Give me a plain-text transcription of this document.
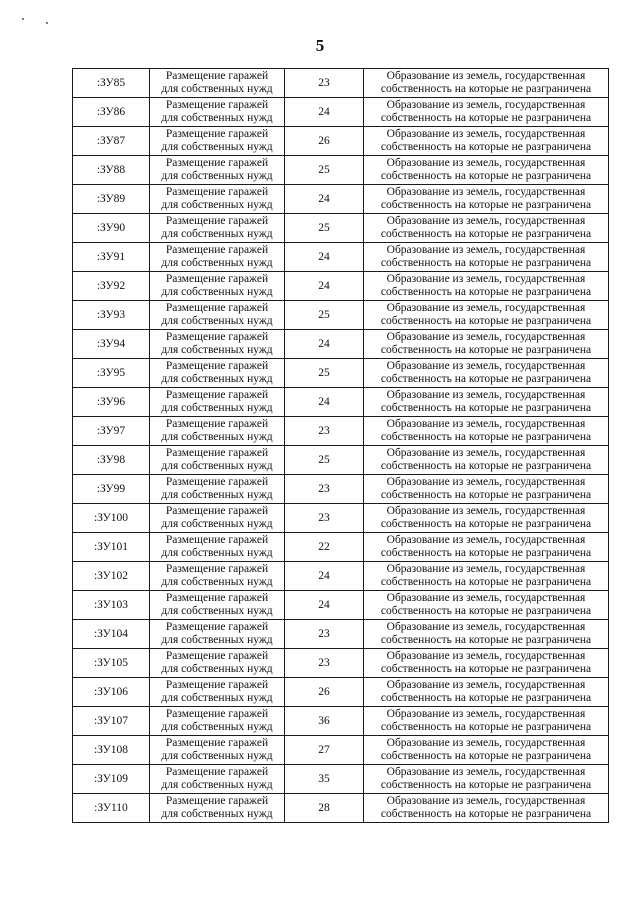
5
:ЗУ85	Размещение гаражей
для собственных нужд	23	Образование из земель, государственная
собственность на которые не разграничена

:ЗУ86	Размещение гаражей
для собственных нужд	24	Образование из земель, государственная
собственность на которые не разграничена

:ЗУ87	Размещение гаражей
для собственных нужд	26	Образование из земель, государственная
собственность на которые не разграничена

:ЗУ88	Размещение гаражей
для собственных нужд	25	Образование из земель, государственная
собственность на которые не разграничена

:ЗУ89	Размещение гаражей
для собственных нужд	24	Образование из земель, государственная
собственность на которые не разграничена

:ЗУ90	Размещение гаражей
для собственных нужд	25	Образование из земель, государственная
собственность на которые не разграничена

:ЗУ91	Размещение гаражей
для собственных нужд	24	Образование из земель, государственная
собственность на которые не разграничена

:ЗУ92	Размещение гаражей
для собственных нужд	24	Образование из земель, государственная
собственность на которые не разграничена

:ЗУ93	Размещение гаражей
для собственных нужд	25	Образование из земель, государственная
собственность на которые не разграничена

:ЗУ94	Размещение гаражей
для собственных нужд	24	Образование из земель, государственная
собственность на которые не разграничена

:ЗУ95	Размещение гаражей
для собственных нужд	25	Образование из земель, государственная
собственность на которые не разграничена

:ЗУ96	Размещение гаражей
для собственных нужд	24	Образование из земель, государственная
собственность на которые не разграничена

:ЗУ97	Размещение гаражей
для собственных нужд	23	Образование из земель, государственная
собственность на которые не разграничена

:ЗУ98	Размещение гаражей
для собственных нужд	25	Образование из земель, государственная
собственность на которые не разграничена

:ЗУ99	Размещение гаражей
для собственных нужд	23	Образование из земель, государственная
собственность на которые не разграничена

:ЗУ100	Размещение гаражей
для собственных нужд	23	Образование из земель, государственная
собственность на которые не разграничена

:ЗУ101	Размещение гаражей
для собственных нужд	22	Образование из земель, государственная
собственность на которые не разграничена

:ЗУ102	Размещение гаражей
для собственных нужд	24	Образование из земель, государственная
собственность на которые не разграничена

:ЗУ103	Размещение гаражей
для собственных нужд	24	Образование из земель, государственная
собственность на которые не разграничена

:ЗУ104	Размещение гаражей
для собственных нужд	23	Образование из земель, государственная
собственность на которые не разграничена

:ЗУ105	Размещение гаражей
для собственных нужд	23	Образование из земель, государственная
собственность на которые не разграничена

:ЗУ106	Размещение гаражей
для собственных нужд	26	Образование из земель, государственная
собственность на которые не разграничена

:ЗУ107	Размещение гаражей
для собственных нужд	36	Образование из земель, государственная
собственность на которые не разграничена

:ЗУ108	Размещение гаражей
для собственных нужд	27	Образование из земель, государственная
собственность на которые не разграничена

:ЗУ109	Размещение гаражей
для собственных нужд	35	Образование из земель, государственная
собственность на которые не разграничена

:ЗУ110	Размещение гаражей
для собственных нужд	28	Образование из земель, государственная
собственность на которые не разграничена
